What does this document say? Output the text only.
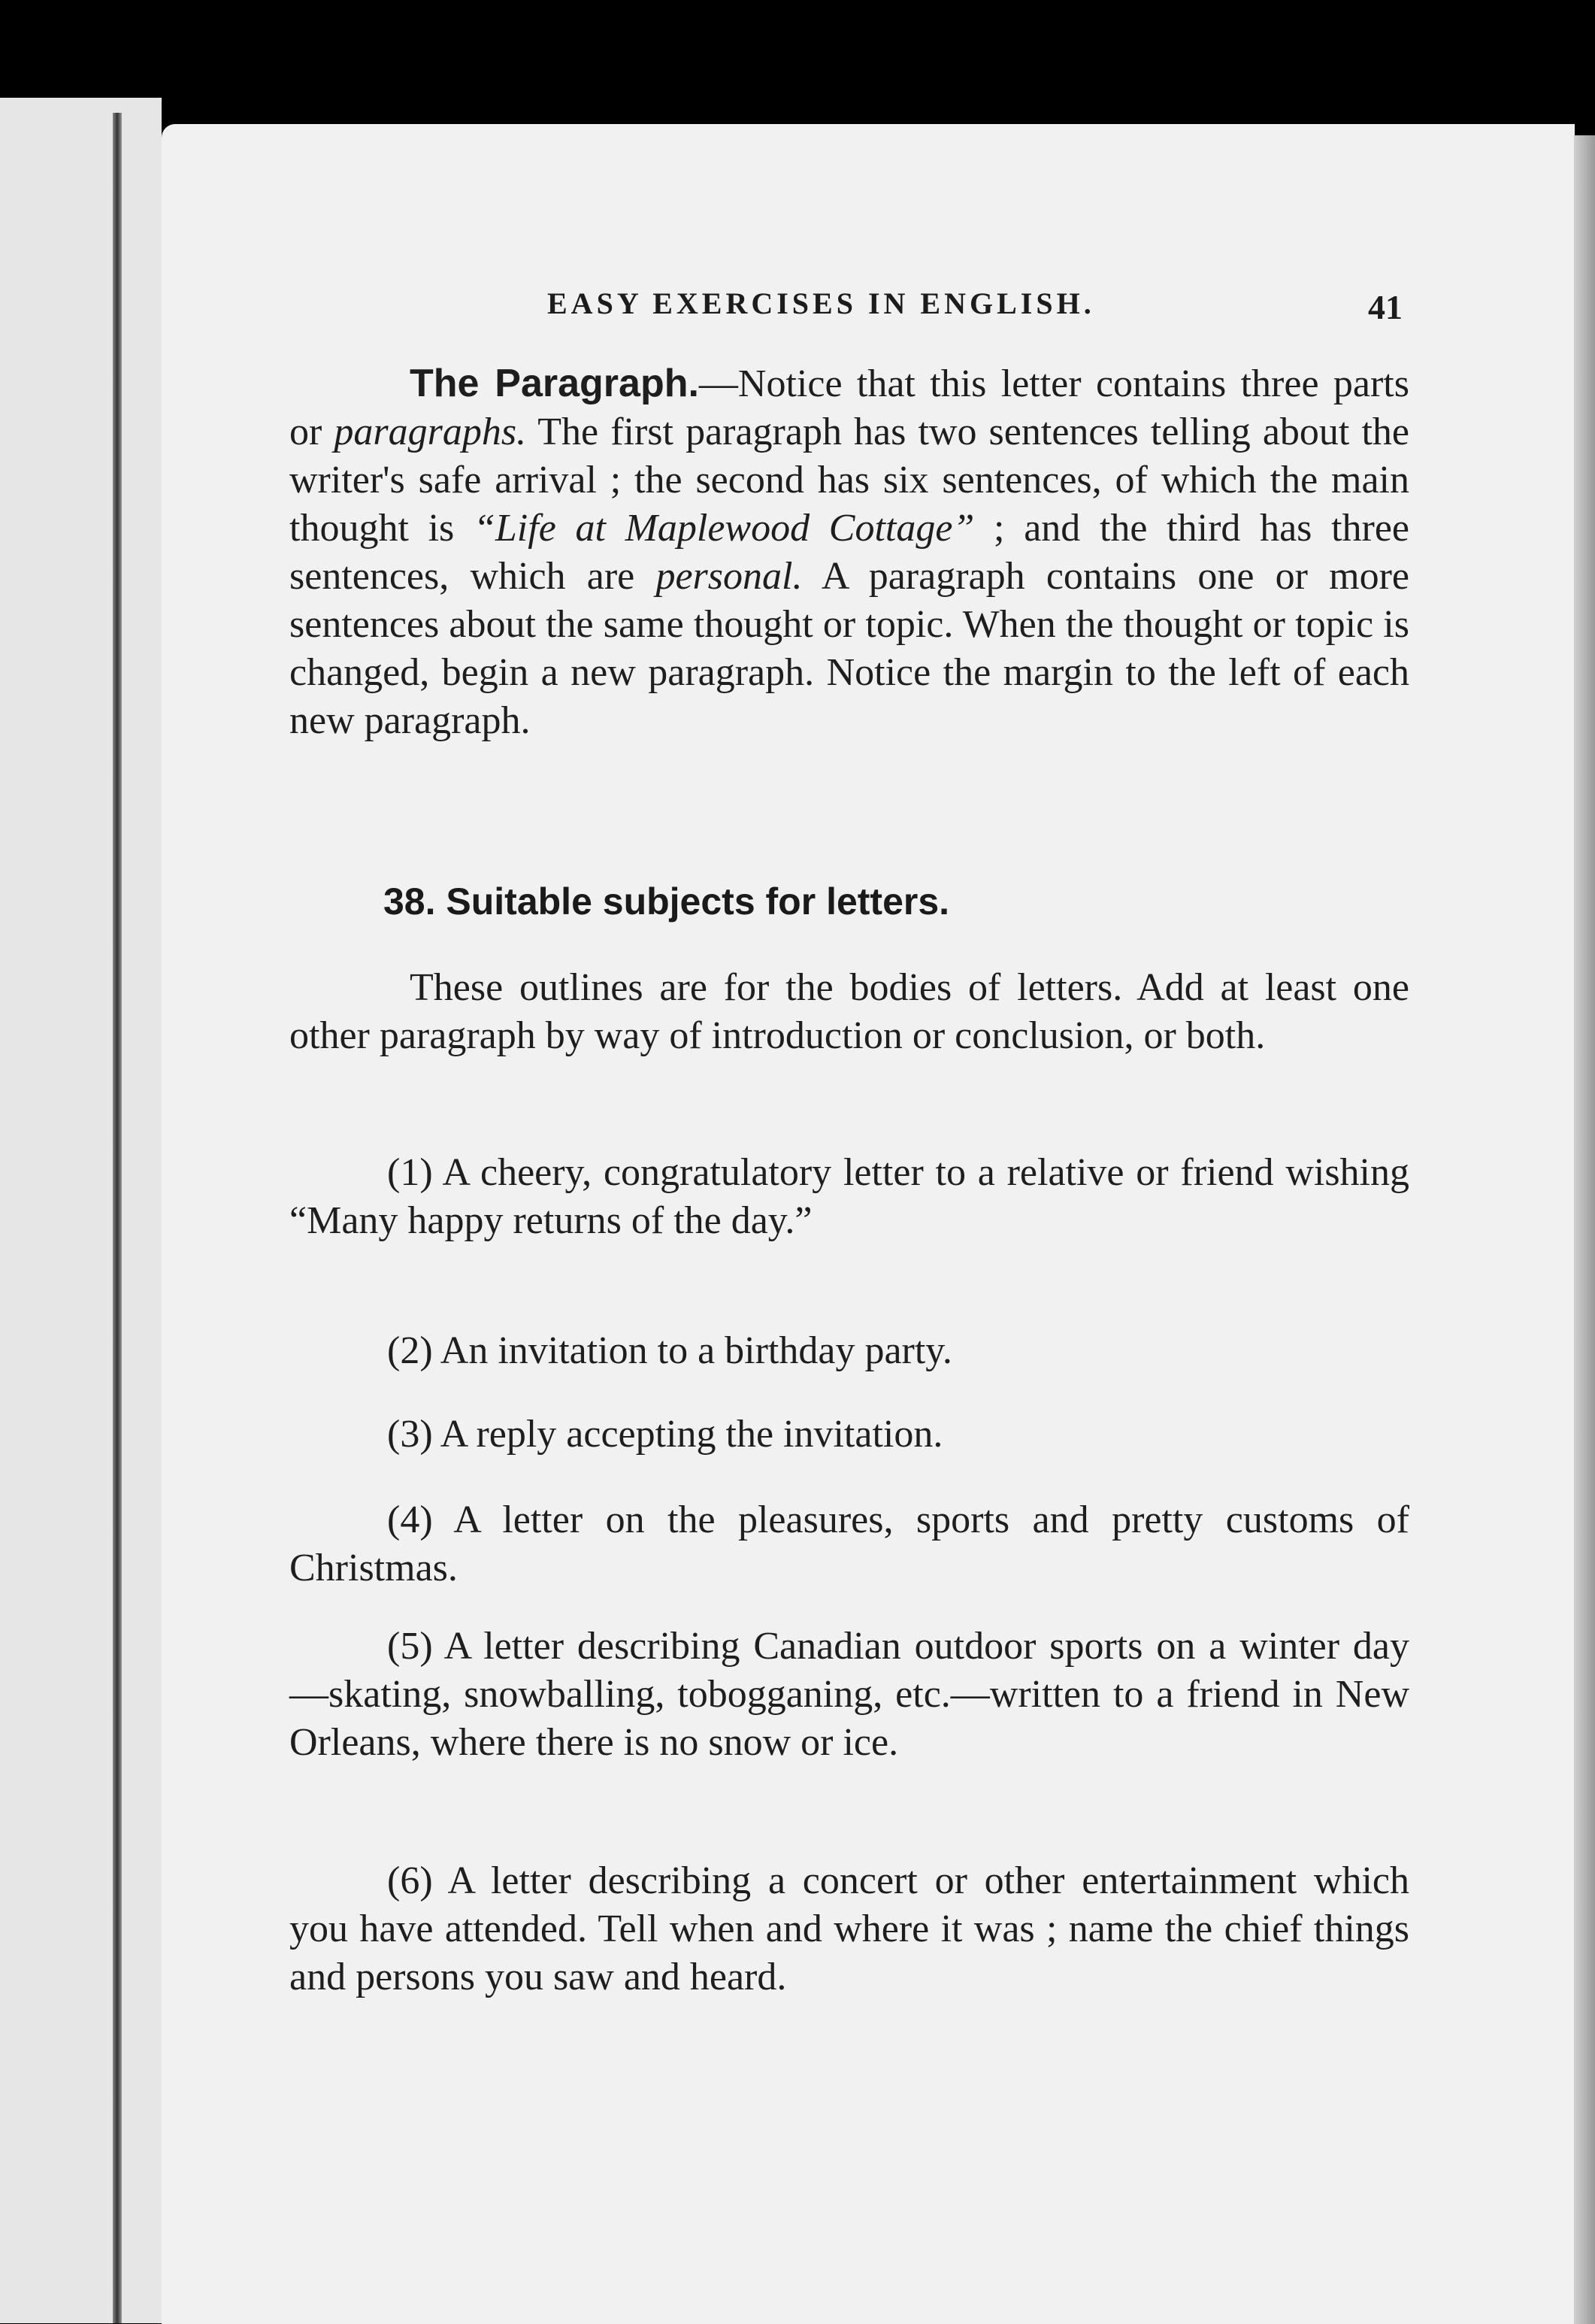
EASY EXERCISES IN ENGLISH.	41
The Paragraph.—Notice that this letter contains three parts or paragraphs. The first paragraph has two sentences telling about the writer's safe arrival ; the second has six sentences, of which the main thought is “Life at Maplewood Cottage” ; and the third has three sentences, which are personal. A paragraph contains one or more sentences about the same thought or topic. When the thought or topic is changed, begin a new paragraph. Notice the margin to the left of each new paragraph.
38. Suitable subjects for letters.
These outlines are for the bodies of letters. Add at least one other paragraph by way of introduction or conclusion, or both.
(1) A cheery, congratulatory letter to a relative or friend wishing “Many happy returns of the day.”
(2) An invitation to a birthday party.
(3) A reply accepting the invitation.
(4) A letter on the pleasures, sports and pretty customs of Christmas.
(5) A letter describing Canadian outdoor sports on a winter day—skating, snowballing, tobogganing, etc.—written to a friend in New Orleans, where there is no snow or ice.
(6) A letter describing a concert or other entertainment which you have attended. Tell when and where it was ; name the chief things and persons you saw and heard.
